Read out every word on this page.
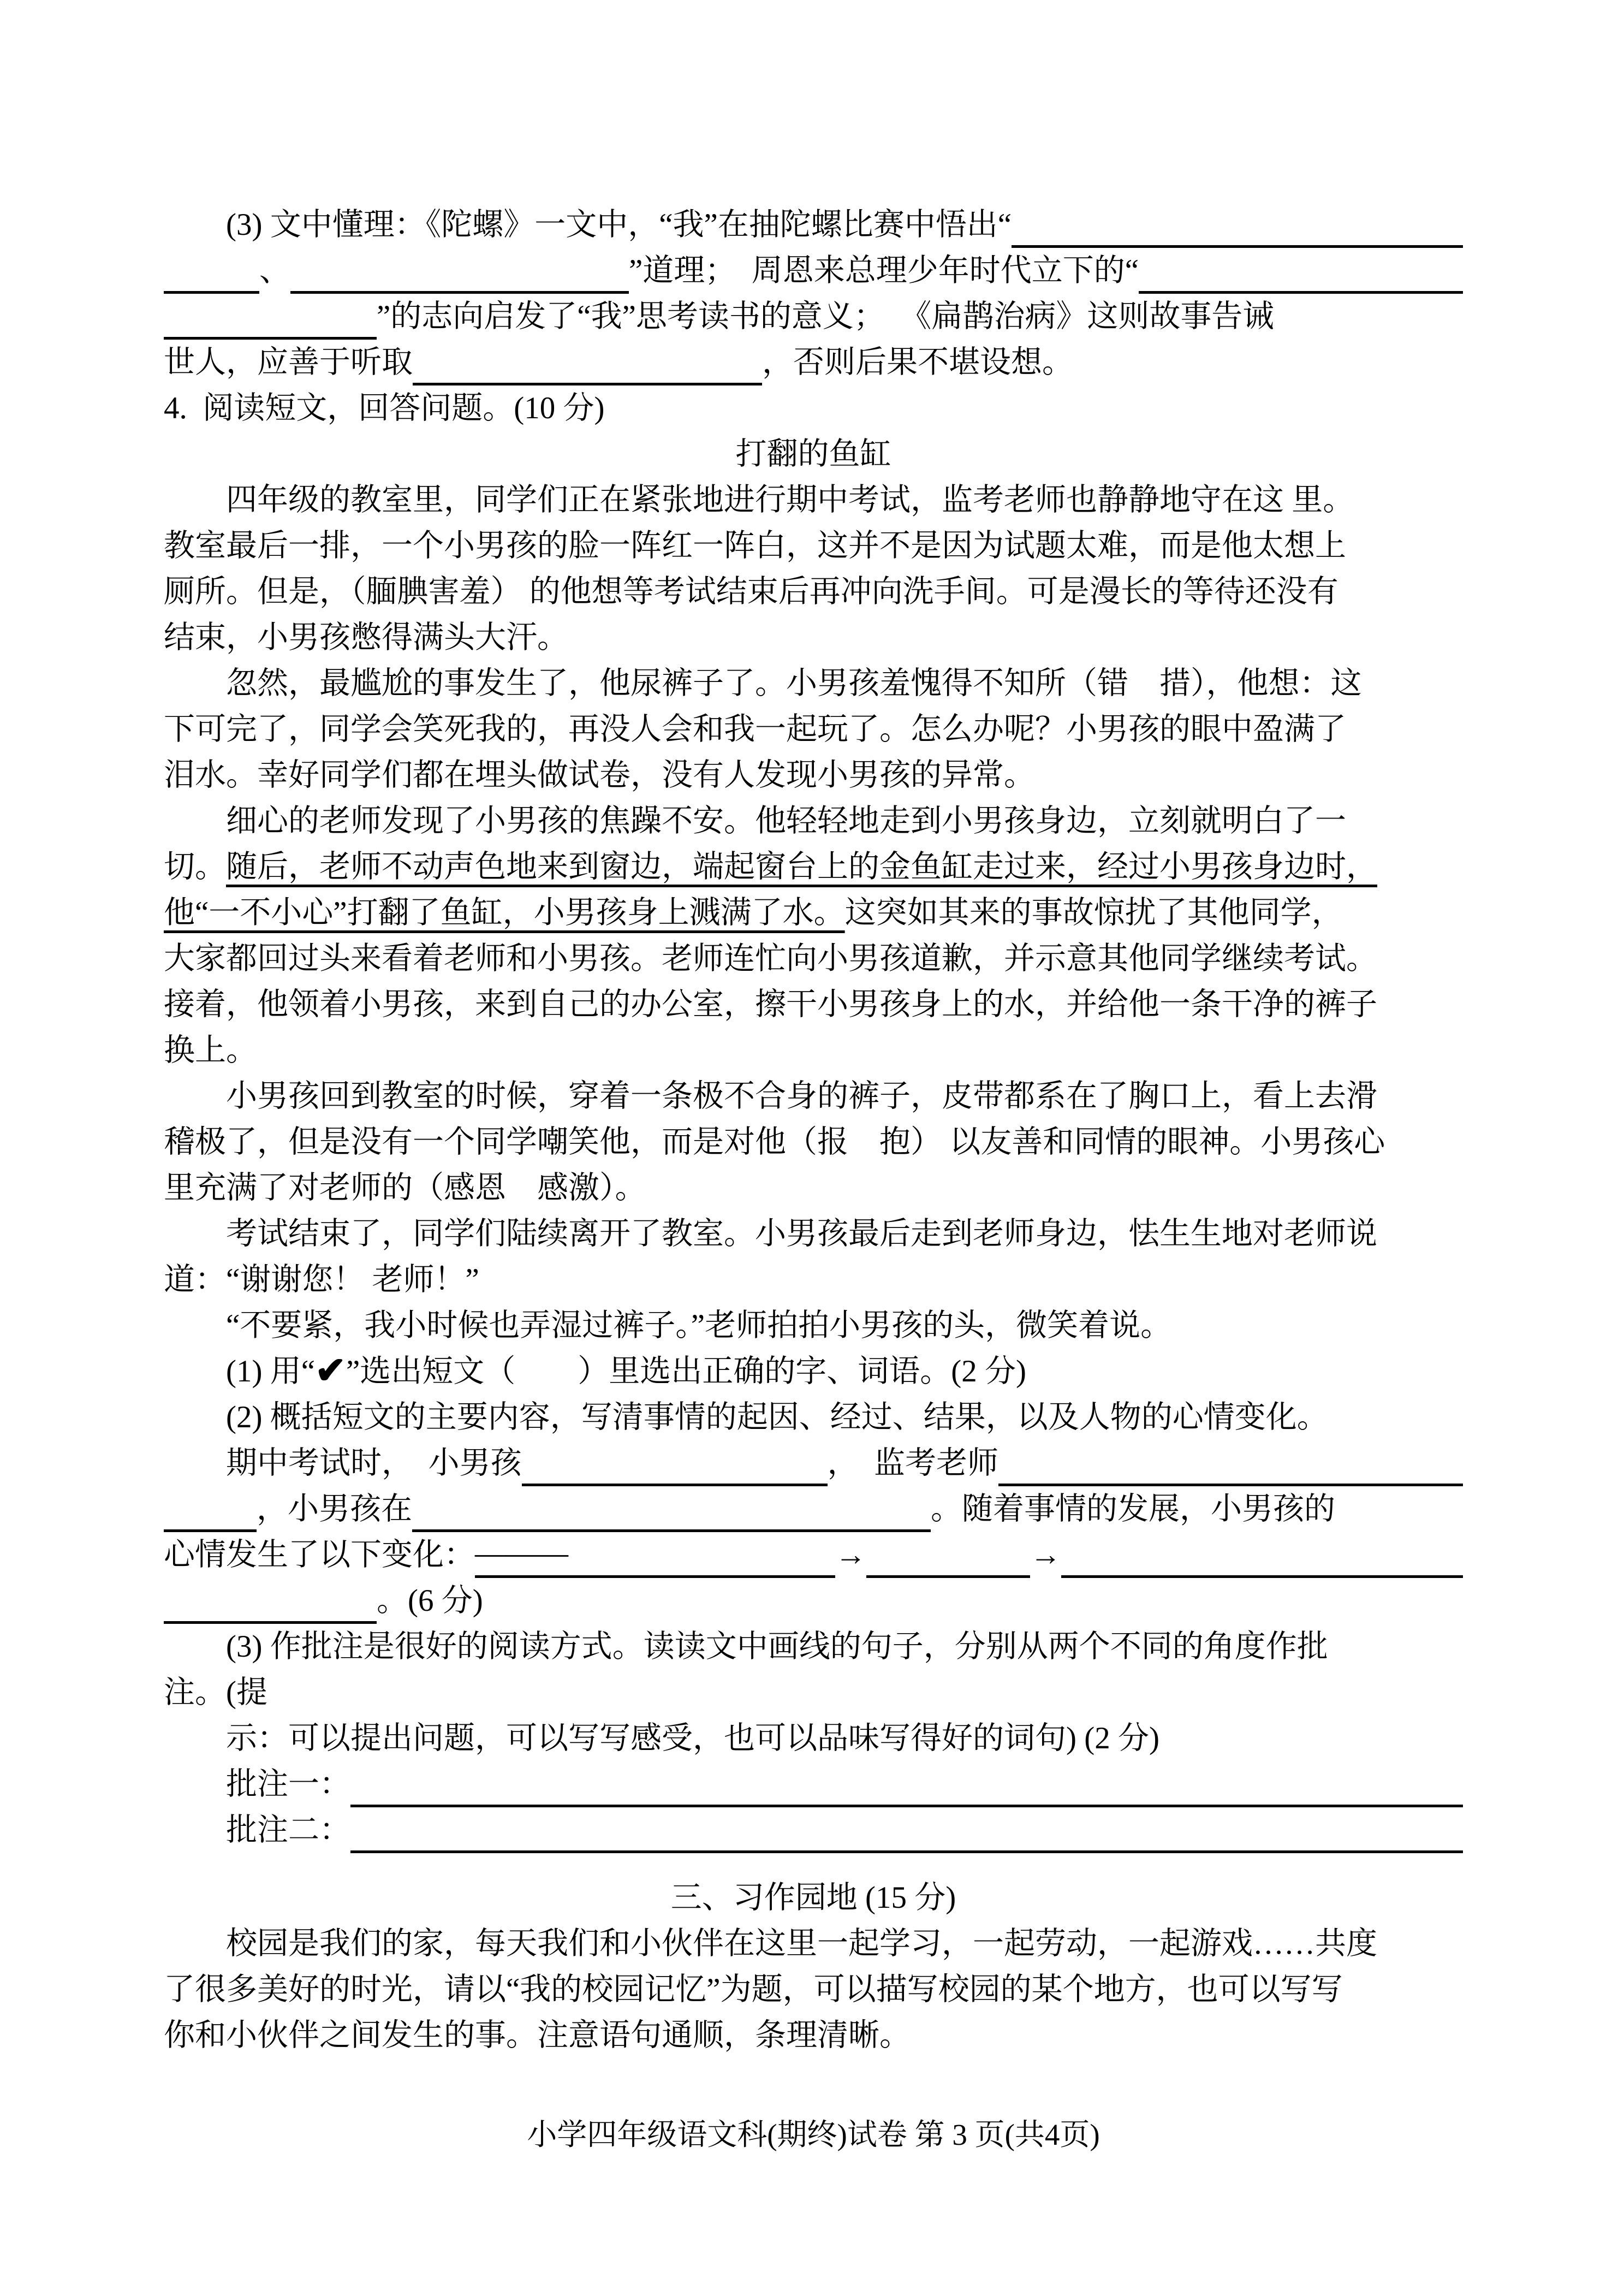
(3) 文中懂理：《陀螺》一文中，“我”在抽陀螺比赛中悟出“
、	”道理；  周恩来总理少年时代立下的“
”的志向启发了“我”思考读书的意义；  《扁鹊治病》这则故事告诫
世人，应善于听取	，否则后果不堪设想。
4.  阅读短文，回答问题。(10 分)
打翻的鱼缸
四年级的教室里，同学们正在紧张地进行期中考试，监考老师也静静地守在这 里。
教室最后一排，一个小男孩的脸一阵红一阵白，这并不是因为试题太难，而是他太想上
厕所。但是，（腼腆害羞） 的他想等考试结束后再冲向洗手间。可是漫长的等待还没有
结束，小男孩憋得满头大汗。
忽然，最尴尬的事发生了，他尿裤子了。小男孩羞愧得不知所（错　措），他想：这
下可完了，同学会笑死我的，再没人会和我一起玩了。怎么办呢？小男孩的眼中盈满了
泪水。幸好同学们都在埋头做试卷，没有人发现小男孩的异常。
细心的老师发现了小男孩的焦躁不安。他轻轻地走到小男孩身边，立刻就明白了一
切。 随后，老师不动声色地来到窗边，端起窗台上的金鱼缸走过来，经过小男孩身边时，
他“一不小心”打翻了鱼缸，小男孩身上溅满了水。 这突如其来的事故惊扰了其他同学，
大家都回过头来看着老师和小男孩。老师连忙向小男孩道歉，并示意其他同学继续考试。
接着，他领着小男孩，来到自己的办公室，擦干小男孩身上的水，并给他一条干净的裤子
换上。
小男孩回到教室的时候，穿着一条极不合身的裤子，皮带都系在了胸口上，看上去滑
稽极了，但是没有一个同学嘲笑他，而是对他（报　抱） 以友善和同情的眼神。小男孩心
里充满了对老师的（感恩　感激）。
考试结束了，同学们陆续离开了教室。小男孩最后走到老师身边，怯生生地对老师说
道：“谢谢您！ 老师！”
“不要紧，我小时候也弄湿过裤子。”老师拍拍小男孩的头，微笑着说。
(1) 用“ ✔ ”选出短文（　　）里选出正确的字、词语。(2 分)
(2) 概括短文的主要内容，写清事情的起因、经过、结果，以及人物的心情变化。
期中考试时，　小男孩	，　监考老师
，小男孩在	。随着事情的发展，小男孩的
心情发生了以下变化： ———	→	→
。(6 分)
(3) 作批注是很好的阅读方式。读读文中画线的句子，分别从两个不同的角度作批
注。(提
示：可以提出问题，可以写写感受，也可以品味写得好的词句) (2 分)
批注一：
批注二：
三、习作园地 (15 分)
校园是我们的家，每天我们和小伙伴在这里一起学习，一起劳动，一起游戏……共度
了很多美好的时光，请以“我的校园记忆”为题，可以描写校园的某个地方，也可以写写
你和小伙伴之间发生的事。注意语句通顺，条理清晰。
小学四年级语文科(期终)试卷 第 3 页(共4页)
